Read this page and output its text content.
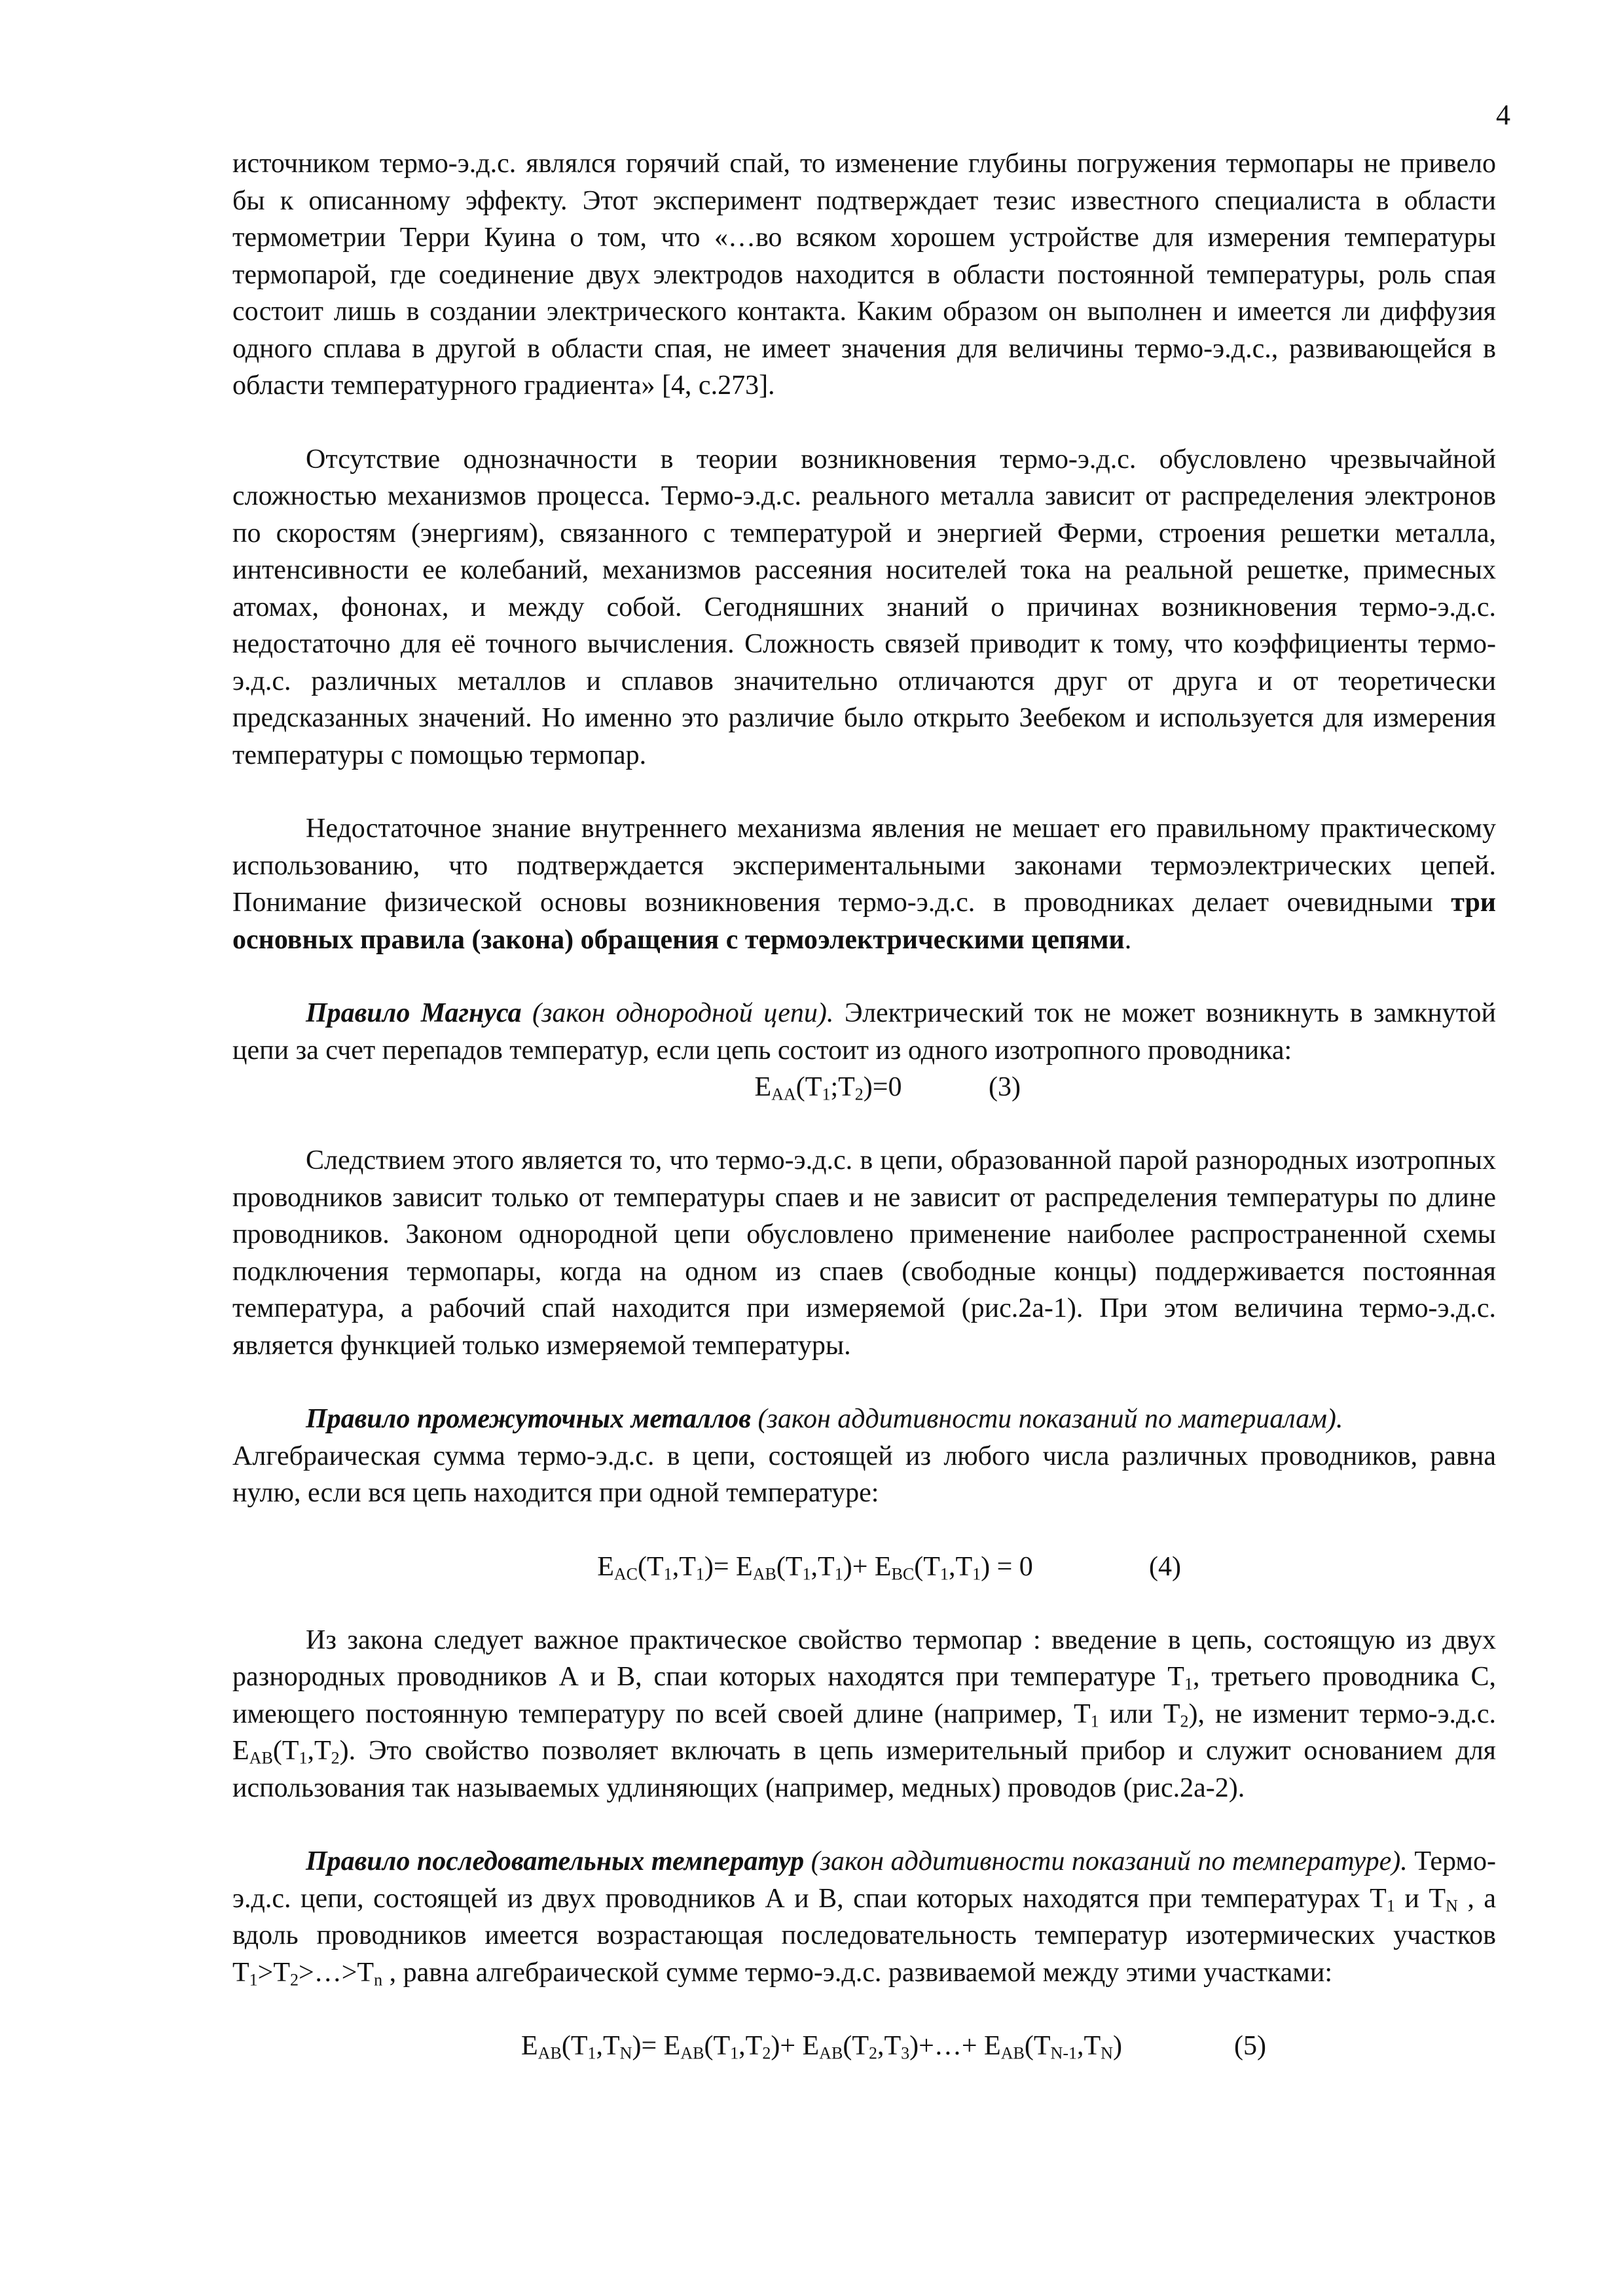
4

источником термо-э.д.с. являлся горячий спай, то изменение глубины погружения термопары не привело бы к описанному эффекту. Этот эксперимент подтверждает тезис известного специалиста в области термометрии Терри Куина о том, что «…во всяком хорошем устройстве для измерения температуры термопарой, где соединение двух электродов находится в области постоянной температуры, роль спая состоит лишь в создании электрического контакта. Каким образом он выполнен и имеется ли диффузия одного сплава в другой в области спая, не имеет значения для величины термо-э.д.с., развивающейся в области температурного градиента» [4, с.273].

Отсутствие однозначности в теории возникновения термо-э.д.с. обусловлено чрезвычайной сложностью механизмов процесса. Термо-э.д.с. реального металла зависит от распределения электронов по скоростям (энергиям), связанного с температурой и энергией Ферми, строения решетки металла, интенсивности ее колебаний, механизмов рассеяния носителей тока на реальной решетке, примесных атомах, фононах, и между собой. Сегодняшних знаний о причинах возникновения термо-э.д.с. недостаточно для её точного вычисления. Сложность связей приводит к тому, что коэффициенты термо-э.д.с. различных металлов и сплавов значительно отличаются друг от друга и от теоретически предсказанных значений. Но именно это различие было открыто Зеебеком и используется для измерения температуры с помощью термопар.

Недостаточное знание внутреннего механизма явления не мешает его правильному практическому использованию, что подтверждается экспериментальными законами термоэлектрических цепей. Понимание физической основы возникновения термо-э.д.с. в проводниках делает очевидными три основных правила (закона) обращения с термоэлектрическими цепями.

Правило Магнуса (закон однородной цепи). Электрический ток не может возникнуть в замкнутой цепи за счет перепадов температур, если цепь состоит из одного изотропного проводника:

$E_{AA}(T_1;T_2)=0$	(3)

Следствием этого является то, что термо-э.д.с. в цепи, образованной парой разнородных изотропных проводников зависит только от температуры спаев и не зависит от распределения температуры по длине проводников. Законом однородной цепи обусловлено применение наиболее распространенной схемы подключения термопары, когда на одном из спаев (свободные концы) поддерживается постоянная температура, а рабочий спай находится при измеряемой (рис.2а-1). При этом величина термо-э.д.с. является функцией только измеряемой температуры.

Правило промежуточных металлов (закон аддитивности показаний по материалам).

Алгебраическая сумма термо-э.д.с. в цепи, состоящей из любого числа различных проводников, равна нулю, если вся цепь находится при одной температуре:

$E_{AC}(T_1,T_1)= E_{AB}(T_1,T_1)+ E_{BC}(T_1,T_1) = 0$	(4)

Из закона следует важное практическое свойство термопар : введение в цепь, состоящую из двух разнородных проводников А и В, спаи которых находятся при температуре $Т_1$, третьего проводника С, имеющего постоянную температуру по всей своей длине (например, $Т_1$ или $Т_2$), не изменит термо-э.д.с. $Е_{AB}(Т_1,Т_2)$. Это свойство позволяет включать в цепь измерительный прибор и служит основанием для использования так называемых удлиняющих (например, медных) проводов (рис.2а-2).

Правило последовательных температур (закон аддитивности показаний по температуре). Термо-э.д.с. цепи, состоящей из двух проводников А и В, спаи которых находятся при температурах $Т_1$ и $Т_N$ , а вдоль проводников имеется возрастающая последовательность температур изотермических участков $Т_1>Т_2>\dots>Т_n$ , равна алгебраической сумме термо-э.д.с. развиваемой между этими участками:

$E_{AB}(T_1,T_N)= E_{AB}(T_1,T_2)+$ $E_{AB}(T_2,T_3)+\dots+ E_{AB}(T_{N-1},T_N)$	(5)
